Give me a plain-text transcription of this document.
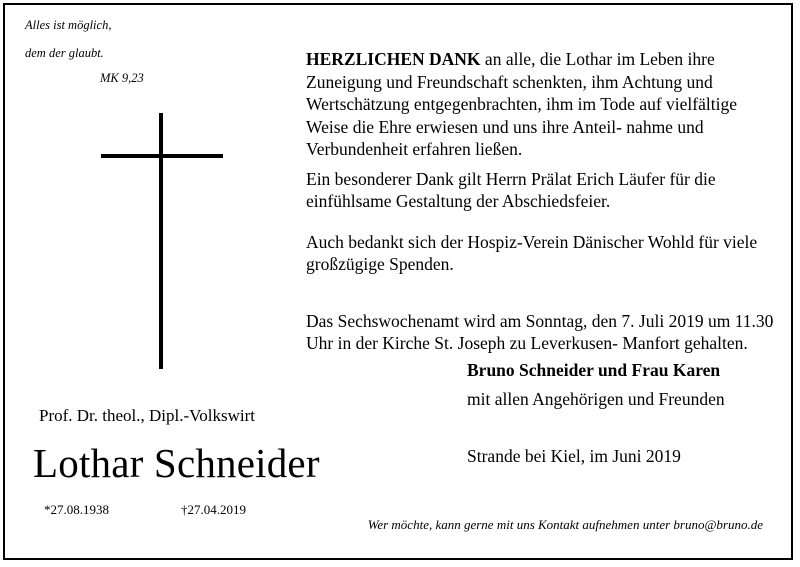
Alles ist möglich,
dem der glaubt.
MK 9,23
Prof. Dr. theol., Dipl.-Volkswirt
Lothar Schneider
*27.08.1938	†27.04.2019

HERZLICHEN DANK an alle, die Lothar im Leben ihre Zuneigung und Freundschaft schenkten, ihm Achtung und Wertschätzung entgegenbrachten, ihm im Tode auf vielfältige Weise die Ehre erwiesen und uns ihre Anteil- nahme und Verbundenheit erfahren ließen.

Ein besonderer Dank gilt Herrn Prälat Erich Läufer für die einfühlsame Gestaltung der Abschiedsfeier.

Auch bedankt sich der Hospiz-Verein Dänischer Wohld für viele großzügige Spenden.

Das Sechswochenamt wird am Sonntag, den 7. Juli 2019 um 11.30 Uhr in der Kirche St. Joseph zu Leverkusen- Manfort gehalten.

Bruno Schneider und Frau Karen
mit allen Angehörigen und Freunden
Strande bei Kiel, im Juni 2019
Wer möchte, kann gerne mit uns Kontakt aufnehmen unter bruno@bruno.de
